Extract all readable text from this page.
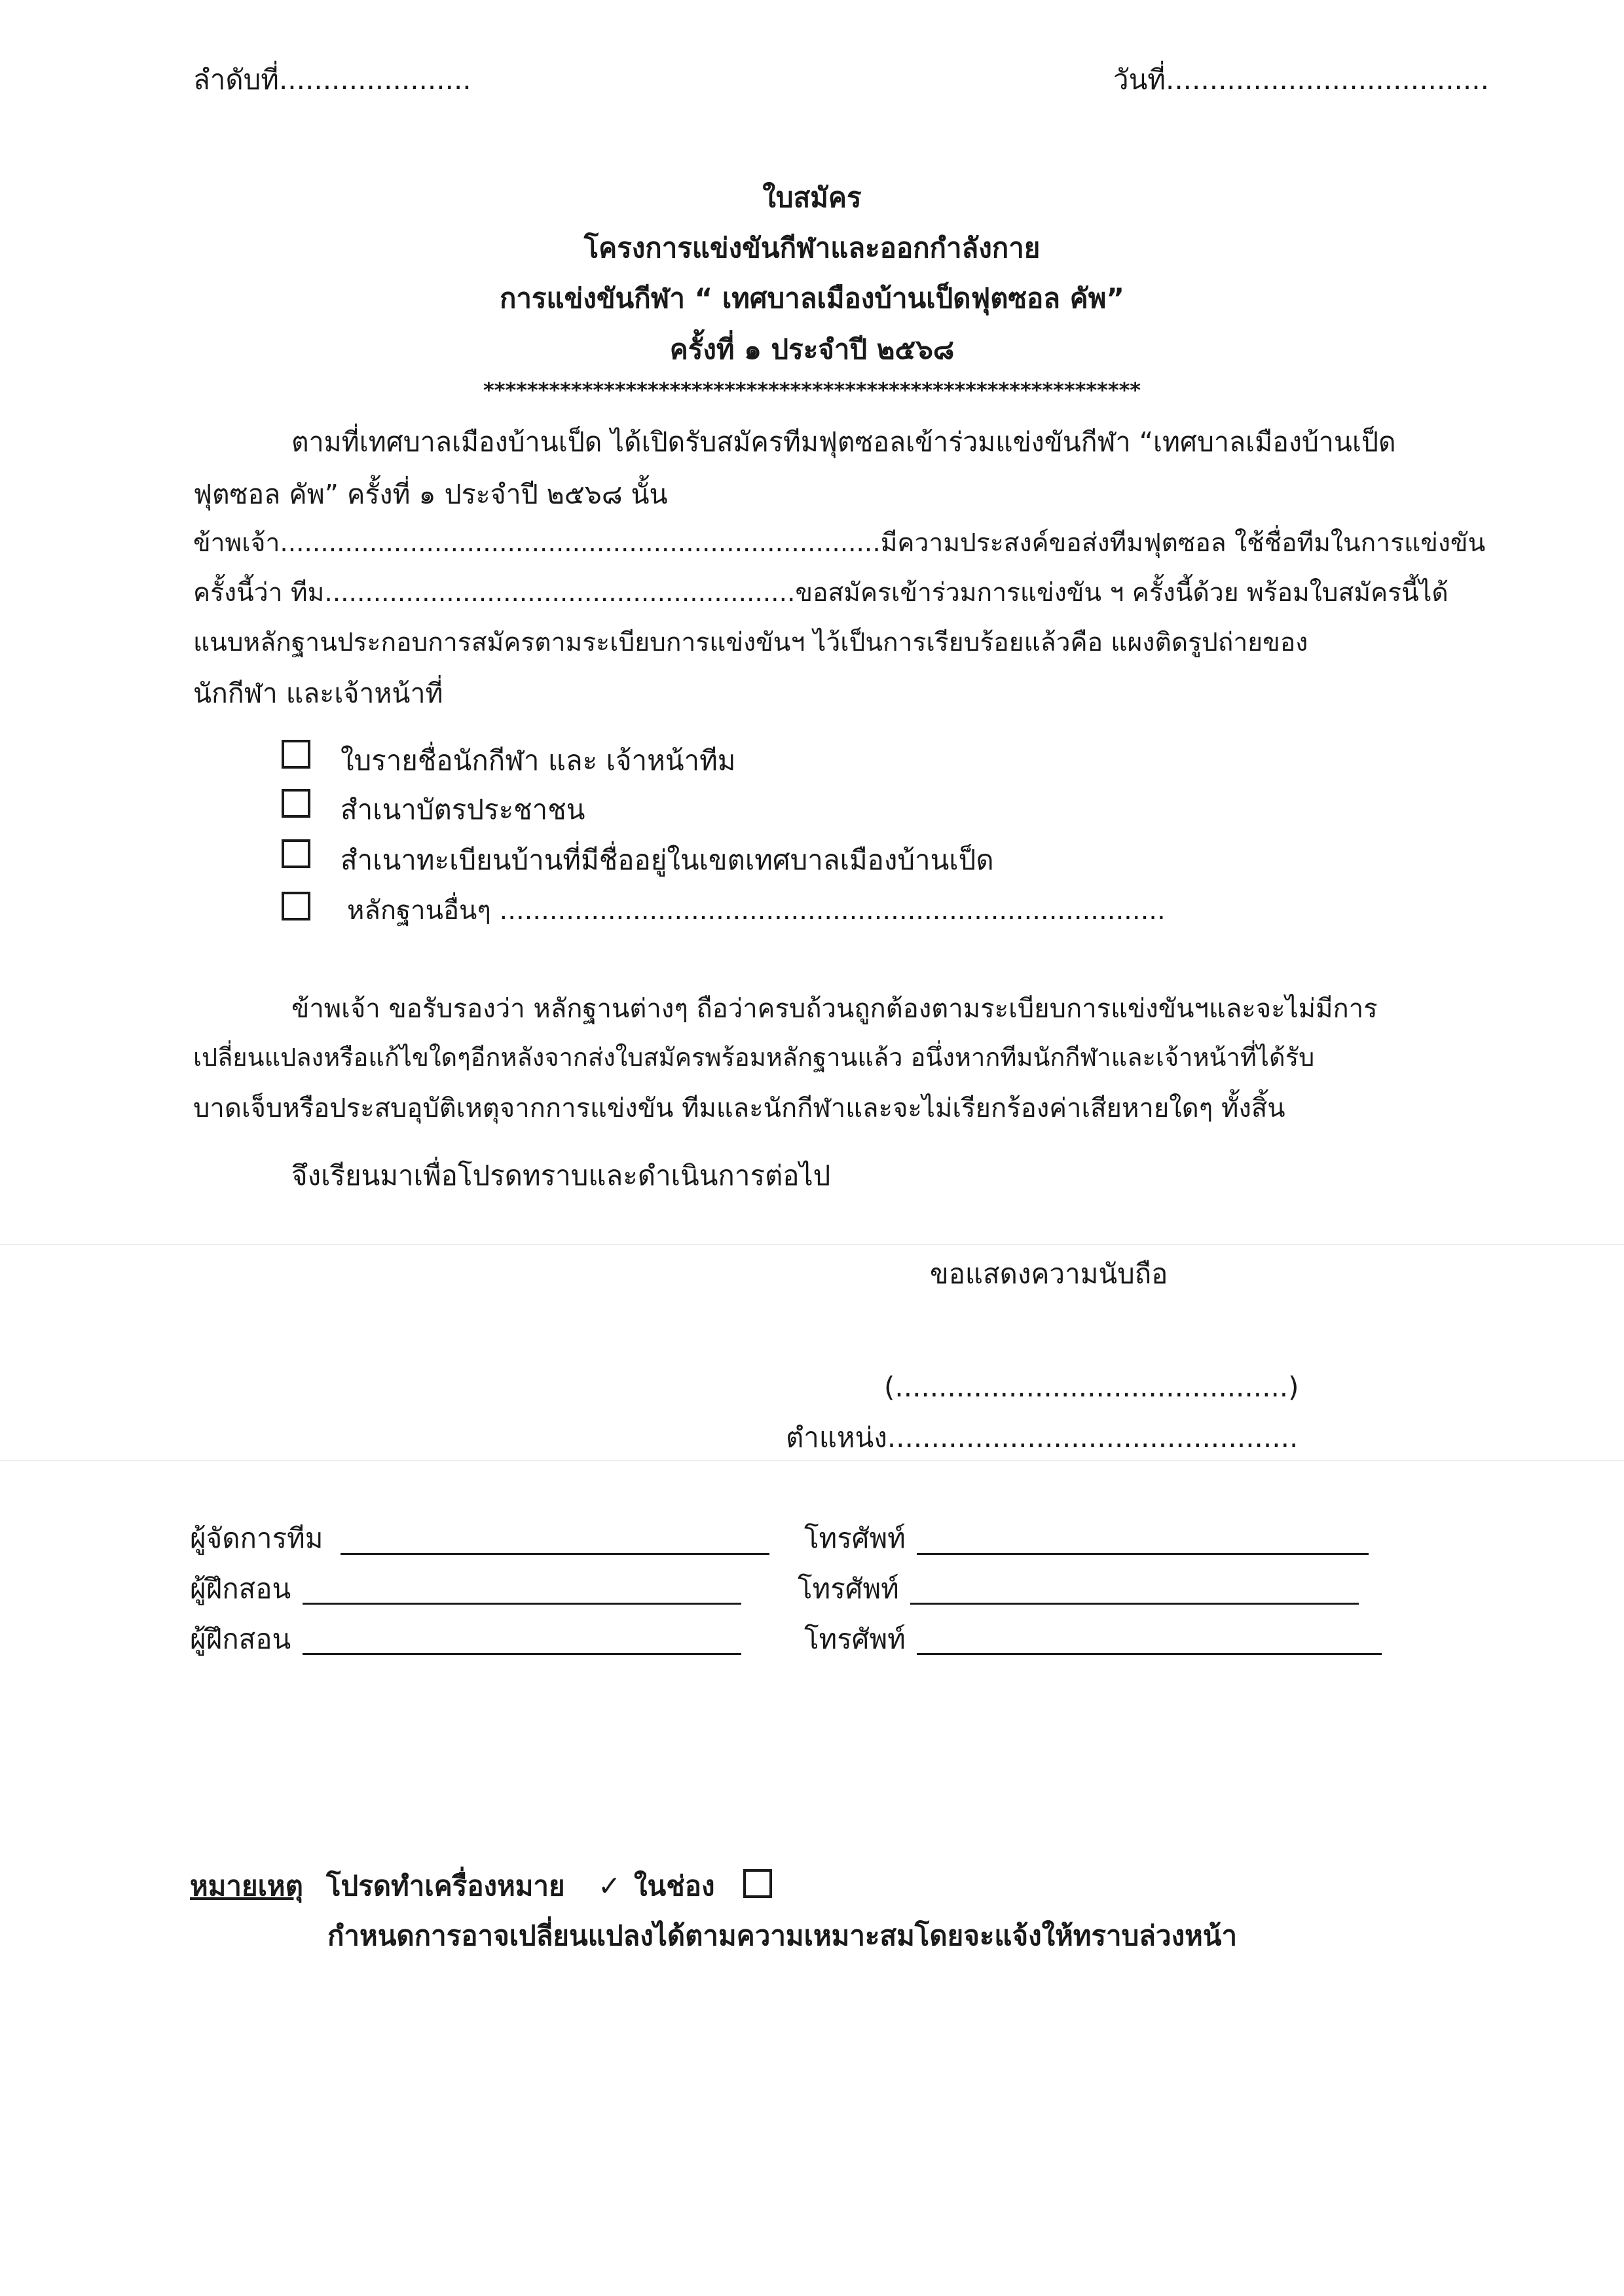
ลำดับที่......................	วันที่.....................................
ใบสมัคร
โครงการแข่งขันกีฬาและออกกำลังกาย
การแข่งขันกีฬา “ เทศบาลเมืองบ้านเป็ดฟุตซอล คัพ”
ครั้งที่ ๑ ประจำปี ๒๕๖๘
************************************************************
ตามที่เทศบาลเมืองบ้านเป็ด ได้เปิดรับสมัครทีมฟุตซอลเข้าร่วมแข่งขันกีฬา “เทศบาลเมืองบ้านเป็ด
ฟุตซอล คัพ” ครั้งที่ ๑ ประจำปี ๒๕๖๘ นั้น
ข้าพเจ้า..........................................................................มีความประสงค์ขอส่งทีมฟุตซอล ใช้ชื่อทีมในการแข่งขัน
ครั้งนี้ว่า ทีม..........................................................ขอสมัครเข้าร่วมการแข่งขัน ฯ ครั้งนี้ด้วย พร้อมใบสมัครนี้ได้
แนบหลักฐานประกอบการสมัครตามระเบียบการแข่งขันฯ ไว้เป็นการเรียบร้อยแล้วคือ แผงติดรูปถ่ายของ
นักกีฬา และเจ้าหน้าที่
ใบรายชื่อนักกีฬา และ เจ้าหน้าทีม
สำเนาบัตรประชาชน
สำเนาทะเบียนบ้านที่มีชื่ออยู่ในเขตเทศบาลเมืองบ้านเป็ด
หลักฐานอื่นๆ ................................................................................
ข้าพเจ้า ขอรับรองว่า หลักฐานต่างๆ ถือว่าครบถ้วนถูกต้องตามระเบียบการแข่งขันฯและจะไม่มีการ
เปลี่ยนแปลงหรือแก้ไขใดๆอีกหลังจากส่งใบสมัครพร้อมหลักฐานแล้ว อนึ่งหากทีมนักกีฬาและเจ้าหน้าที่ได้รับ
บาดเจ็บหรือประสบอุบัติเหตุจากการแข่งขัน ทีมและนักกีฬาและจะไม่เรียกร้องค่าเสียหายใดๆ ทั้งสิ้น
จึงเรียนมาเพื่อโปรดทราบและดำเนินการต่อไป
ขอแสดงความนับถือ
(.............................................)
ตำแหน่ง...............................................
ผู้จัดการทีม	โทรศัพท์
ผู้ฝึกสอน	โทรศัพท์
ผู้ฝึกสอน	โทรศัพท์
หมายเหตุ โปรดทำเครื่องหมาย ✓ ในช่อง
กำหนดการอาจเปลี่ยนแปลงได้ตามความเหมาะสมโดยจะแจ้งให้ทราบล่วงหน้า
